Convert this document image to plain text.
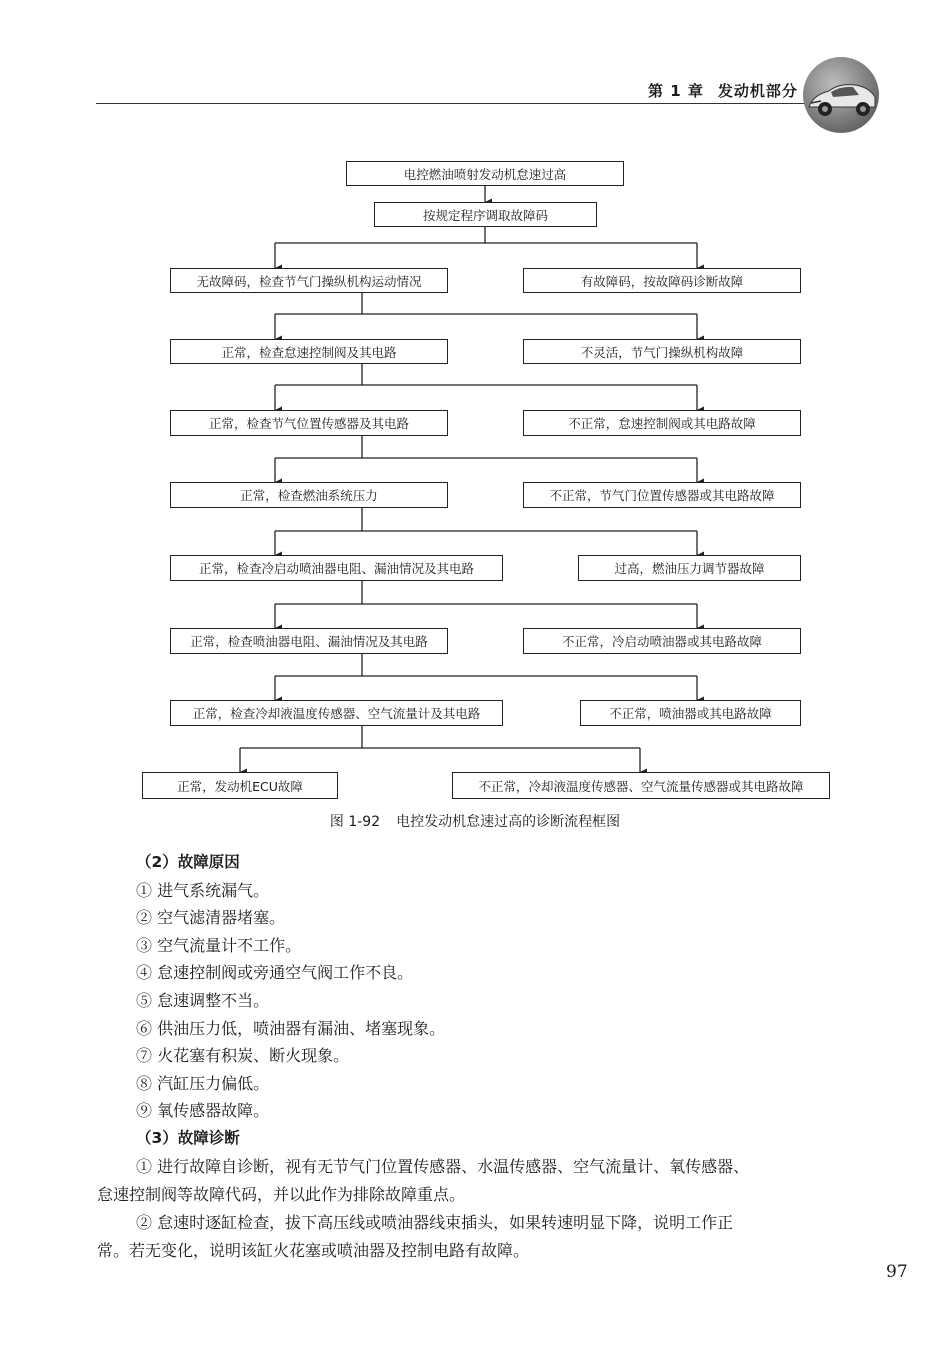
第 1 章 发动机部分
电控燃油喷射发动机怠速过高
按规定程序调取故障码
无故障码，检查节气门操纵机构运动情况	有故障码，按故障码诊断故障
正常，检查怠速控制阀及其电路	不灵活，节气门操纵机构故障
正常，检查节气位置传感器及其电路	不正常，怠速控制阀或其电路故障
正常，检查燃油系统压力	不正常，节气门位置传感器或其电路故障
正常，检查冷启动喷油器电阻、漏油情况及其电路	过高，燃油压力调节器故障
正常，检查喷油器电阻、漏油情况及其电路	不正常，冷启动喷油器或其电路故障
正常，检查冷却液温度传感器、空气流量计及其电路	不正常，喷油器或其电路故障
正常，发动机ECU故障	不正常，冷却液温度传感器、空气流量传感器或其电路故障
图 1-92 电控发动机怠速过高的诊断流程框图
（2）故障原因
① 进气系统漏气。
② 空气滤清器堵塞。
③ 空气流量计不工作。
④ 怠速控制阀或旁通空气阀工作不良。
⑤ 怠速调整不当。
⑥ 供油压力低，喷油器有漏油、堵塞现象。
⑦ 火花塞有积炭、断火现象。
⑧ 汽缸压力偏低。
⑨ 氧传感器故障。
（3）故障诊断
① 进行故障自诊断，视有无节气门位置传感器、水温传感器、空气流量计、氧传感器、
怠速控制阀等故障代码，并以此作为排除故障重点。
② 怠速时逐缸检查，拔下高压线或喷油器线束插头，如果转速明显下降，说明工作正
常。若无变化，说明该缸火花塞或喷油器及控制电路有故障。
97
